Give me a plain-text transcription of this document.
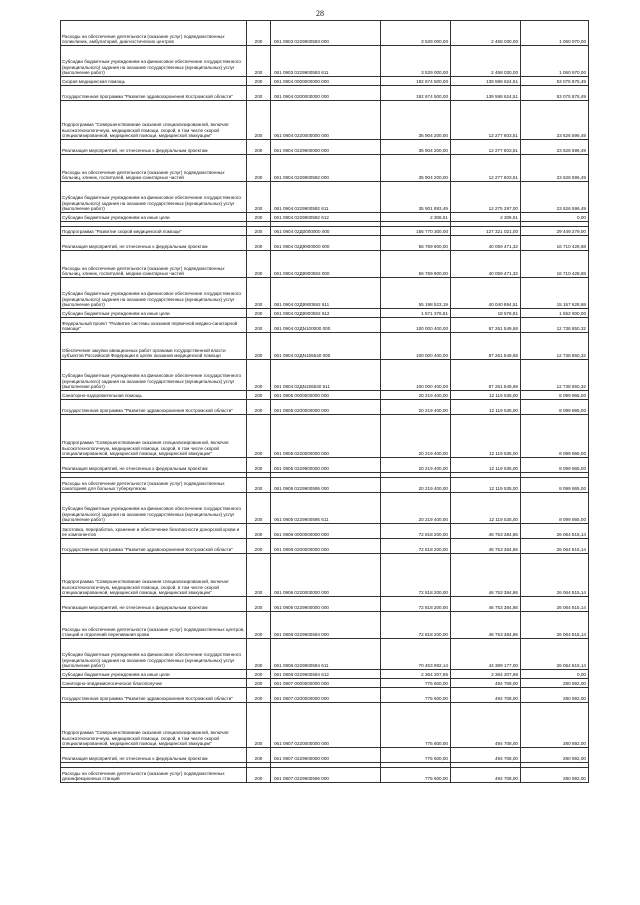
28
Расходы на обеспечение деятельности (оказание услуг) подведомственных поликлиник, амбулаторий, диагностических центров	200	061 0903 0229900593 000	3 529 000,00	2 468 030,00	1 060 970,00
Субсидии бюджетным учреждениям на финансовое обеспечение государственного (муниципального) задания на оказание государственных (муниципальных) услуг (выполнение работ)	200	061 0903 0229900593 611	3 529 000,00	2 468 030,00	1 060 970,00
Скорая медицинская помощь	200	061 0904 0000000000 000	192 674 500,00	139 598 624,51	53 075 875,49
Государственная программа "Развитие здравоохранения Костромской области"	200	061 0904 0200000000 000	192 674 500,00	139 598 624,51	53 075 875,49
Подпрограмма "Совершенствование оказания специализированной, включая высокотехнологичную, медицинской помощи, скорой, в том числе скорой специализированной, медицинской помощи, медицинской эвакуации"	200	061 0904 0220000000 000	35 904 200,00	12 277 603,51	23 626 596,49
Реализация мероприятий, не отнесенных к федеральным проектам	200	061 0904 0229900000 000	35 904 200,00	12 277 603,51	23 626 596,49
Расходы на обеспечение деятельности (оказание услуг) подведомственных больниц, клиник, госпиталей, медико-санитарных частей	200	061 0904 0229900592 000	35 904 200,00	12 277 603,51	23 626 596,49
Субсидии бюджетным учреждениям на финансовое обеспечение государственного (муниципального) задания на оказание государственных (муниципальных) услуг (выполнение работ)	200	061 0904 0229900592 611	35 901 893,49	12 275 297,00	23 626 596,49
Субсидии бюджетным учреждениям на иные цели	200	061 0904 0229900592 612	2 306,51	2 306,51	0,00

Подпрограмма "Развитие скорой медицинской помощи"	200	061 0904 02Д0000000 000	156 770 300,00	127 321 021,00	29 449 279,00
Реализация мероприятий, не отнесенных к федеральным проектам	200	061 0904 02Д9900000 000	56 769 900,00	40 059 471,32	16 710 428,68
Расходы на обеспечение деятельности (оказание услуг) подведомственных больниц, клиник, госпиталей, медико-санитарных частей	200	061 0904 02Д9900592 000	56 769 900,00	40 059 471,32	16 710 428,68
Субсидии бюджетным учреждениям на финансовое обеспечение государственного (муниципального) задания на оказание государственных (муниципальных) услуг (выполнение работ)	200	061 0904 02Д9900592 611	55 198 523,19	40 040 894,51	15 157 628,68
Субсидии бюджетным учреждениям на иные цели	200	061 0904 02Д9900592 612	1 571 376,81	18 576,81	1 552 800,00
Федеральный проект "Развитие системы оказания первичной медико-санитарной помощи"	200	061 0904 02ДN100000 000	100 000 400,00	87 261 549,68	12 738 850,32
Обеспечение закупки авиационных работ органами государственной власти субъектов Российской Федерации в целях оказания медицинской помощи	200	061 0904 02ДN155540 000	100 000 400,00	87 261 549,68	12 738 850,32
Субсидии бюджетным учреждениям на финансовое обеспечение государственного (муниципального) задания на оказание государственных (муниципальных) услуг (выполнение работ)	200	061 0904 02ДN155540 611	100 000 400,00	87 261 549,68	12 738 850,32
Санаторно-оздоровительная помощь	200	061 0905 0000000000 000	20 219 400,00	12 119 535,00	8 099 865,00
Государственная программа "Развитие здравоохранения Костромской области"	200	061 0905 0200000000 000	20 219 400,00	12 119 535,00	8 099 865,00
Подпрограмма "Совершенствование оказания специализированной, включая высокотехнологичную, медицинской помощи, скорой, в том числе скорой специализированной, медицинской помощи, медицинской эвакуации"	200	061 0905 0220000000 000	20 219 400,00	12 119 535,00	8 099 865,00
Реализация мероприятий, не отнесенных к федеральным проектам	200	061 0905 0229900000 000	20 219 400,00	12 119 535,00	8 099 865,00

Расходы на обеспечение деятельности (оказание услуг) подведомственных санаториев для больных туберкулезом	200	061 0905 0229900595 000	20 219 400,00	12 119 535,00	8 099 865,00
Субсидии бюджетным учреждениям на финансовое обеспечение государственного (муниципального) задания на оказание государственных (муниципальных) услуг (выполнение работ)	200	061 0905 0229900595 611	20 219 400,00	12 119 535,00	8 099 865,00
Заготовка, переработка, хранение и обеспечение безопасности донорской крови и ее компонентов	200	061 0906 0000000000 000	72 818 200,00	46 753 384,86	26 064 815,14
Государственная программа "Развитие здравоохранения Костромской области"	200	061 0906 0200000000 000	72 818 200,00	46 753 384,86	26 064 815,14
Подпрограмма "Совершенствование оказания специализированной, включая высокотехнологичную, медицинской помощи, скорой, в том числе скорой специализированной, медицинской помощи, медицинской эвакуации"	200	061 0906 0220000000 000	72 818 200,00	46 753 384,86	26 064 815,14
Реализация мероприятий, не отнесенных к федеральным проектам	200	061 0906 0229900000 000	72 818 200,00	46 753 384,86	26 064 815,14
Расходы на обеспечение деятельности (оказание услуг) подведомственных центров, станций и отделений переливания крови	200	061 0906 0229900594 000	72 818 200,00	46 753 384,86	26 064 815,14
Субсидии бюджетным учреждениям на финансовое обеспечение государственного (муниципального) задания на оказание государственных (муниципальных) услуг (выполнение работ)	200	061 0906 0229900594 611	70 453 992,14	44 389 177,00	26 064 815,14
Субсидии бюджетным учреждениям на иные цели	200	061 0906 0229900594 612	2 364 207,86	2 364 207,86	0,00
Санитарно-эпидемиологическое благополучие	200	061 0907 0000000000 000	775 600,00	494 708,00	280 892,00
Государственная программа "Развитие здравоохранения Костромской области"	200	061 0907 0200000000 000	775 600,00	494 708,00	280 892,00
Подпрограмма "Совершенствование оказания специализированной, включая высокотехнологичную, медицинской помощи, скорой, в том числе скорой специализированной, медицинской помощи, медицинской эвакуации"	200	061 0907 0220000000 000	775 600,00	494 708,00	280 892,00
Реализация мероприятий, не отнесенных к федеральным проектам	200	061 0907 0229900000 000	775 600,00	494 708,00	280 892,00

Расходы на обеспечение деятельности (оказание услуг) подведомственных дезинфекционных станций	200	061 0907 0229900596 000	775 600,00	494 708,00	280 892,00
